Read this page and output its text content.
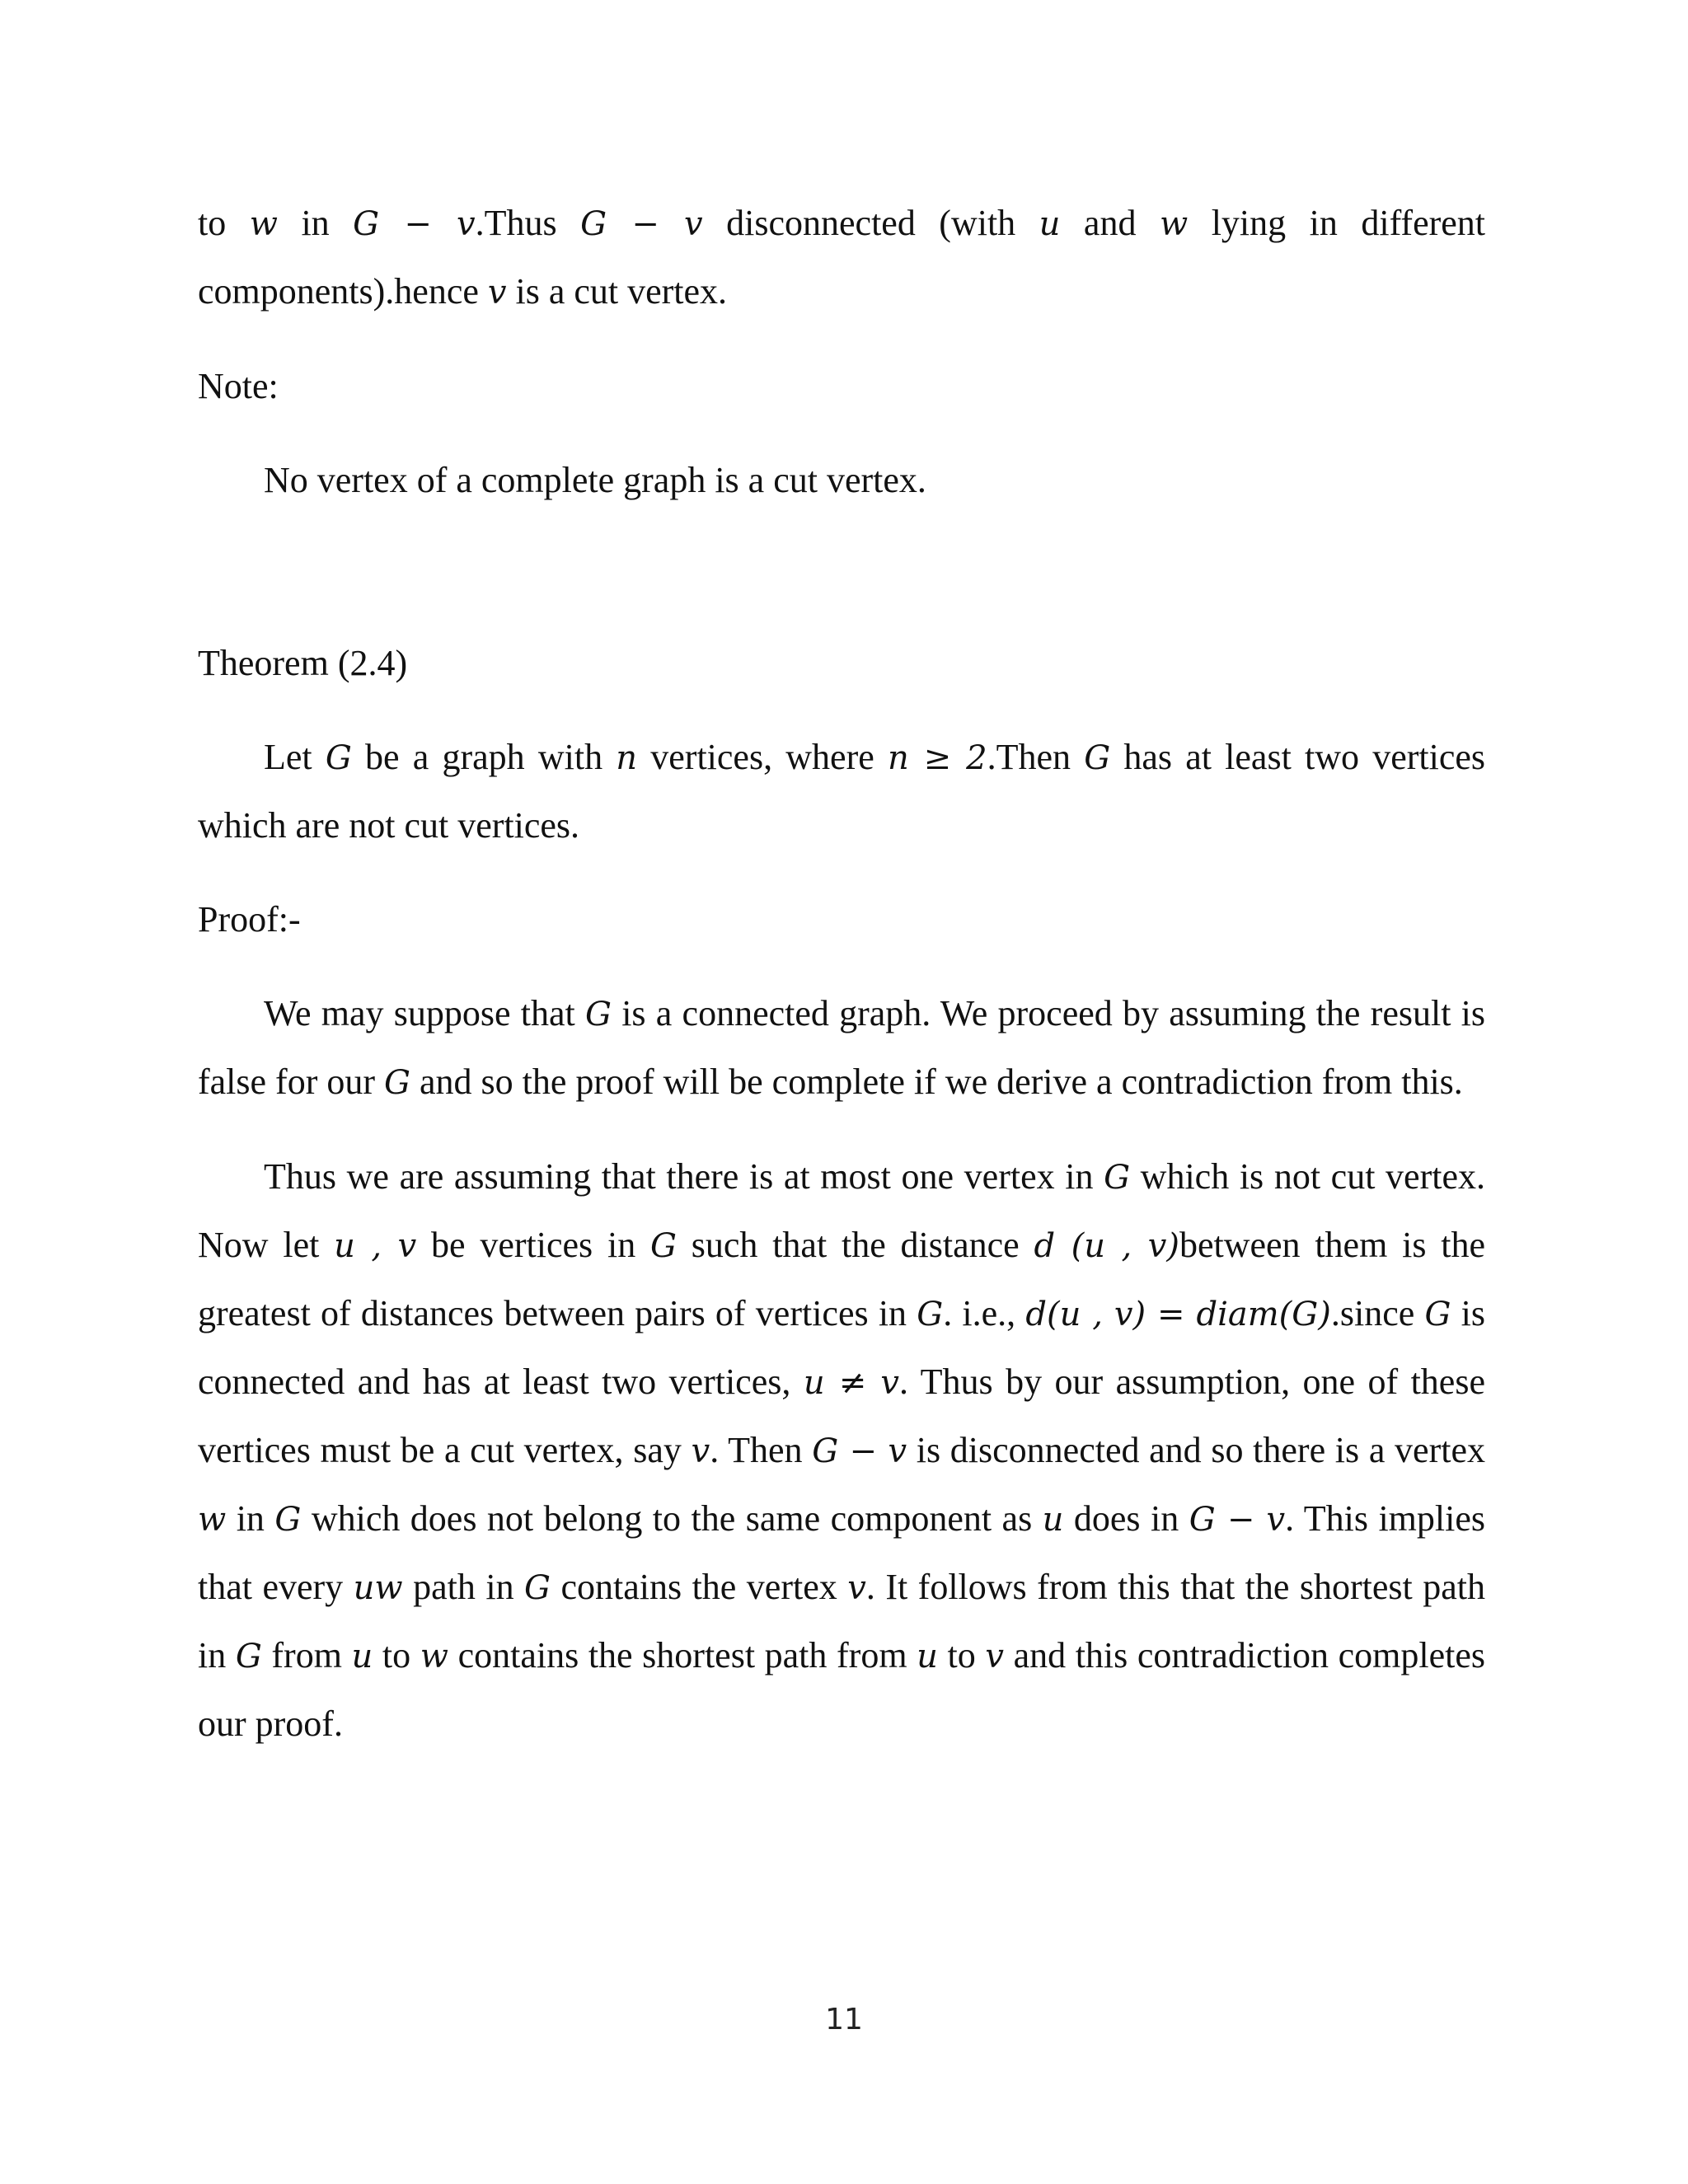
to w in G − v.Thus G − v disconnected (with u and w lying in different components).hence v is a cut vertex.

Note:

No vertex of a complete graph is a cut vertex.

Theorem (2.4)

Let G be a graph with n vertices, where n ≥ 2.Then G has at least two vertices which are not cut vertices.

Proof:-

We may suppose that G is a connected graph. We proceed by assuming the result is false for our G and so the proof will be complete if we derive a contradiction from this.

Thus we are assuming that there is at most one vertex in G which is not cut vertex. Now let u , v be vertices in G such that the distance d (u , v)between them is the greatest of distances between pairs of vertices in G. i.e., d(u , v) = diam(G).since G is connected and has at least two vertices, u ≠ v. Thus by our assumption, one of these vertices must be a cut vertex, say v. Then G − v is disconnected and so there is a vertex w in G which does not belong to the same component as u does in G − v. This implies that every uw path in G contains the vertex v. It follows from this that the shortest path in G from u to w contains the shortest path from u to v and this contradiction completes our proof.

11
